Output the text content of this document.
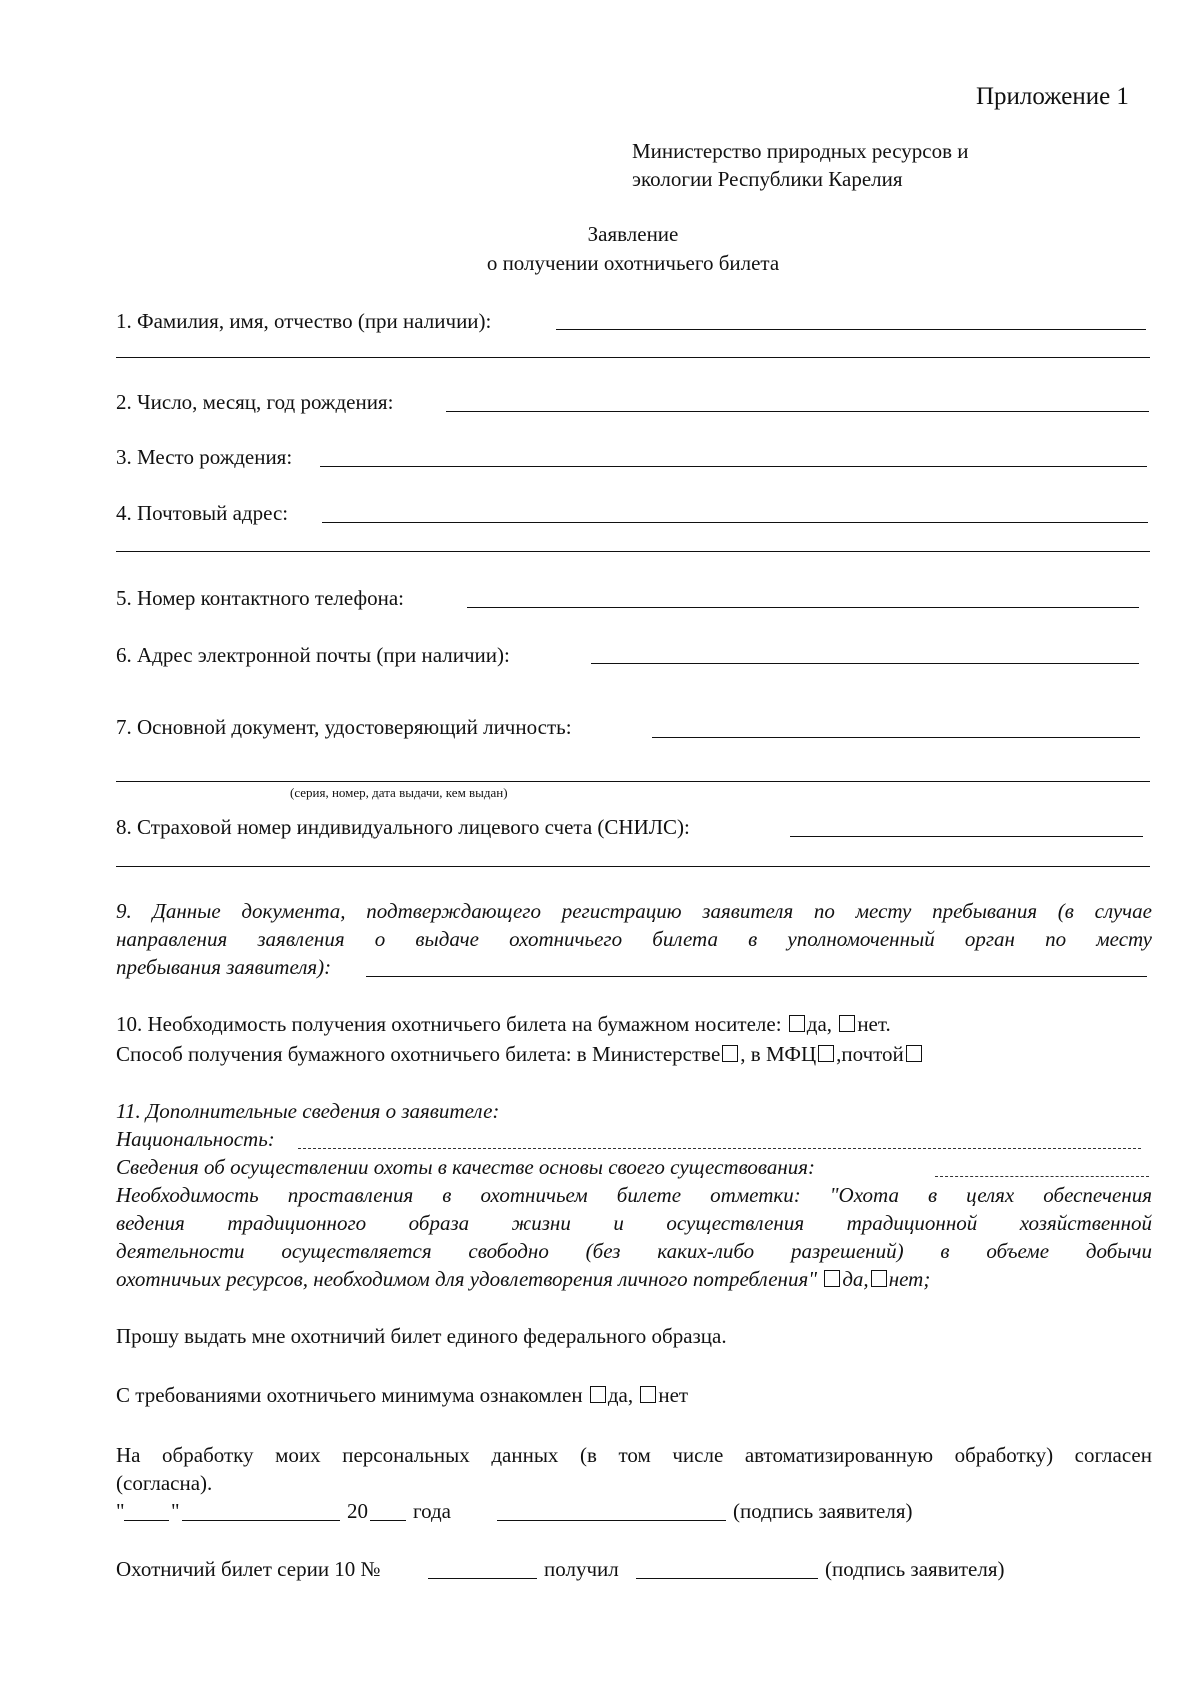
Приложение 1
Министерство природных ресурсов и
экологии Республики Карелия
Заявление
о получении охотничьего билета
1. Фамилия, имя, отчество (при наличии):
2. Число, месяц, год рождения:
3. Место рождения:
4. Почтовый адрес:
5. Номер контактного телефона:
6. Адрес электронной почты (при наличии):
7. Основной документ, удостоверяющий личность:
(серия, номер, дата выдачи, кем выдан)
8. Страховой номер индивидуального лицевого счета (СНИЛС):
9. Данные документа, подтверждающего регистрацию заявителя по месту пребывания (в случае
направления заявления о выдаче охотничьего билета в уполномоченный орган по месту
пребывания заявителя):
10. Необходимость получения охотничьего билета на бумажном носителе: да, нет.
Способ получения бумажного охотничьего билета: в Министерстве , в МФЦ ,почтой
11. Дополнительные сведения о заявителе:
Национальность:
Сведения об осуществлении охоты в качестве основы своего существования:
Необходимость проставления в охотничьем билете отметки: "Охота в целях обеспечения
ведения традиционного образа жизни и осуществления традиционной хозяйственной
деятельности осуществляется свободно (без каких-либо разрешений) в объеме добычи
охотничьих ресурсов, необходимом для удовлетворения личного потребления" да, нет;
Прошу выдать мне охотничий билет единого федерального образца.
С требованиями охотничьего минимума ознакомлен да, нет
На обработку моих персональных данных (в том числе автоматизированную обработку) согласен
(согласна).
" "	20 года	(подпись заявителя)
Охотничий билет серии 10 №	получил	(подпись заявителя)
